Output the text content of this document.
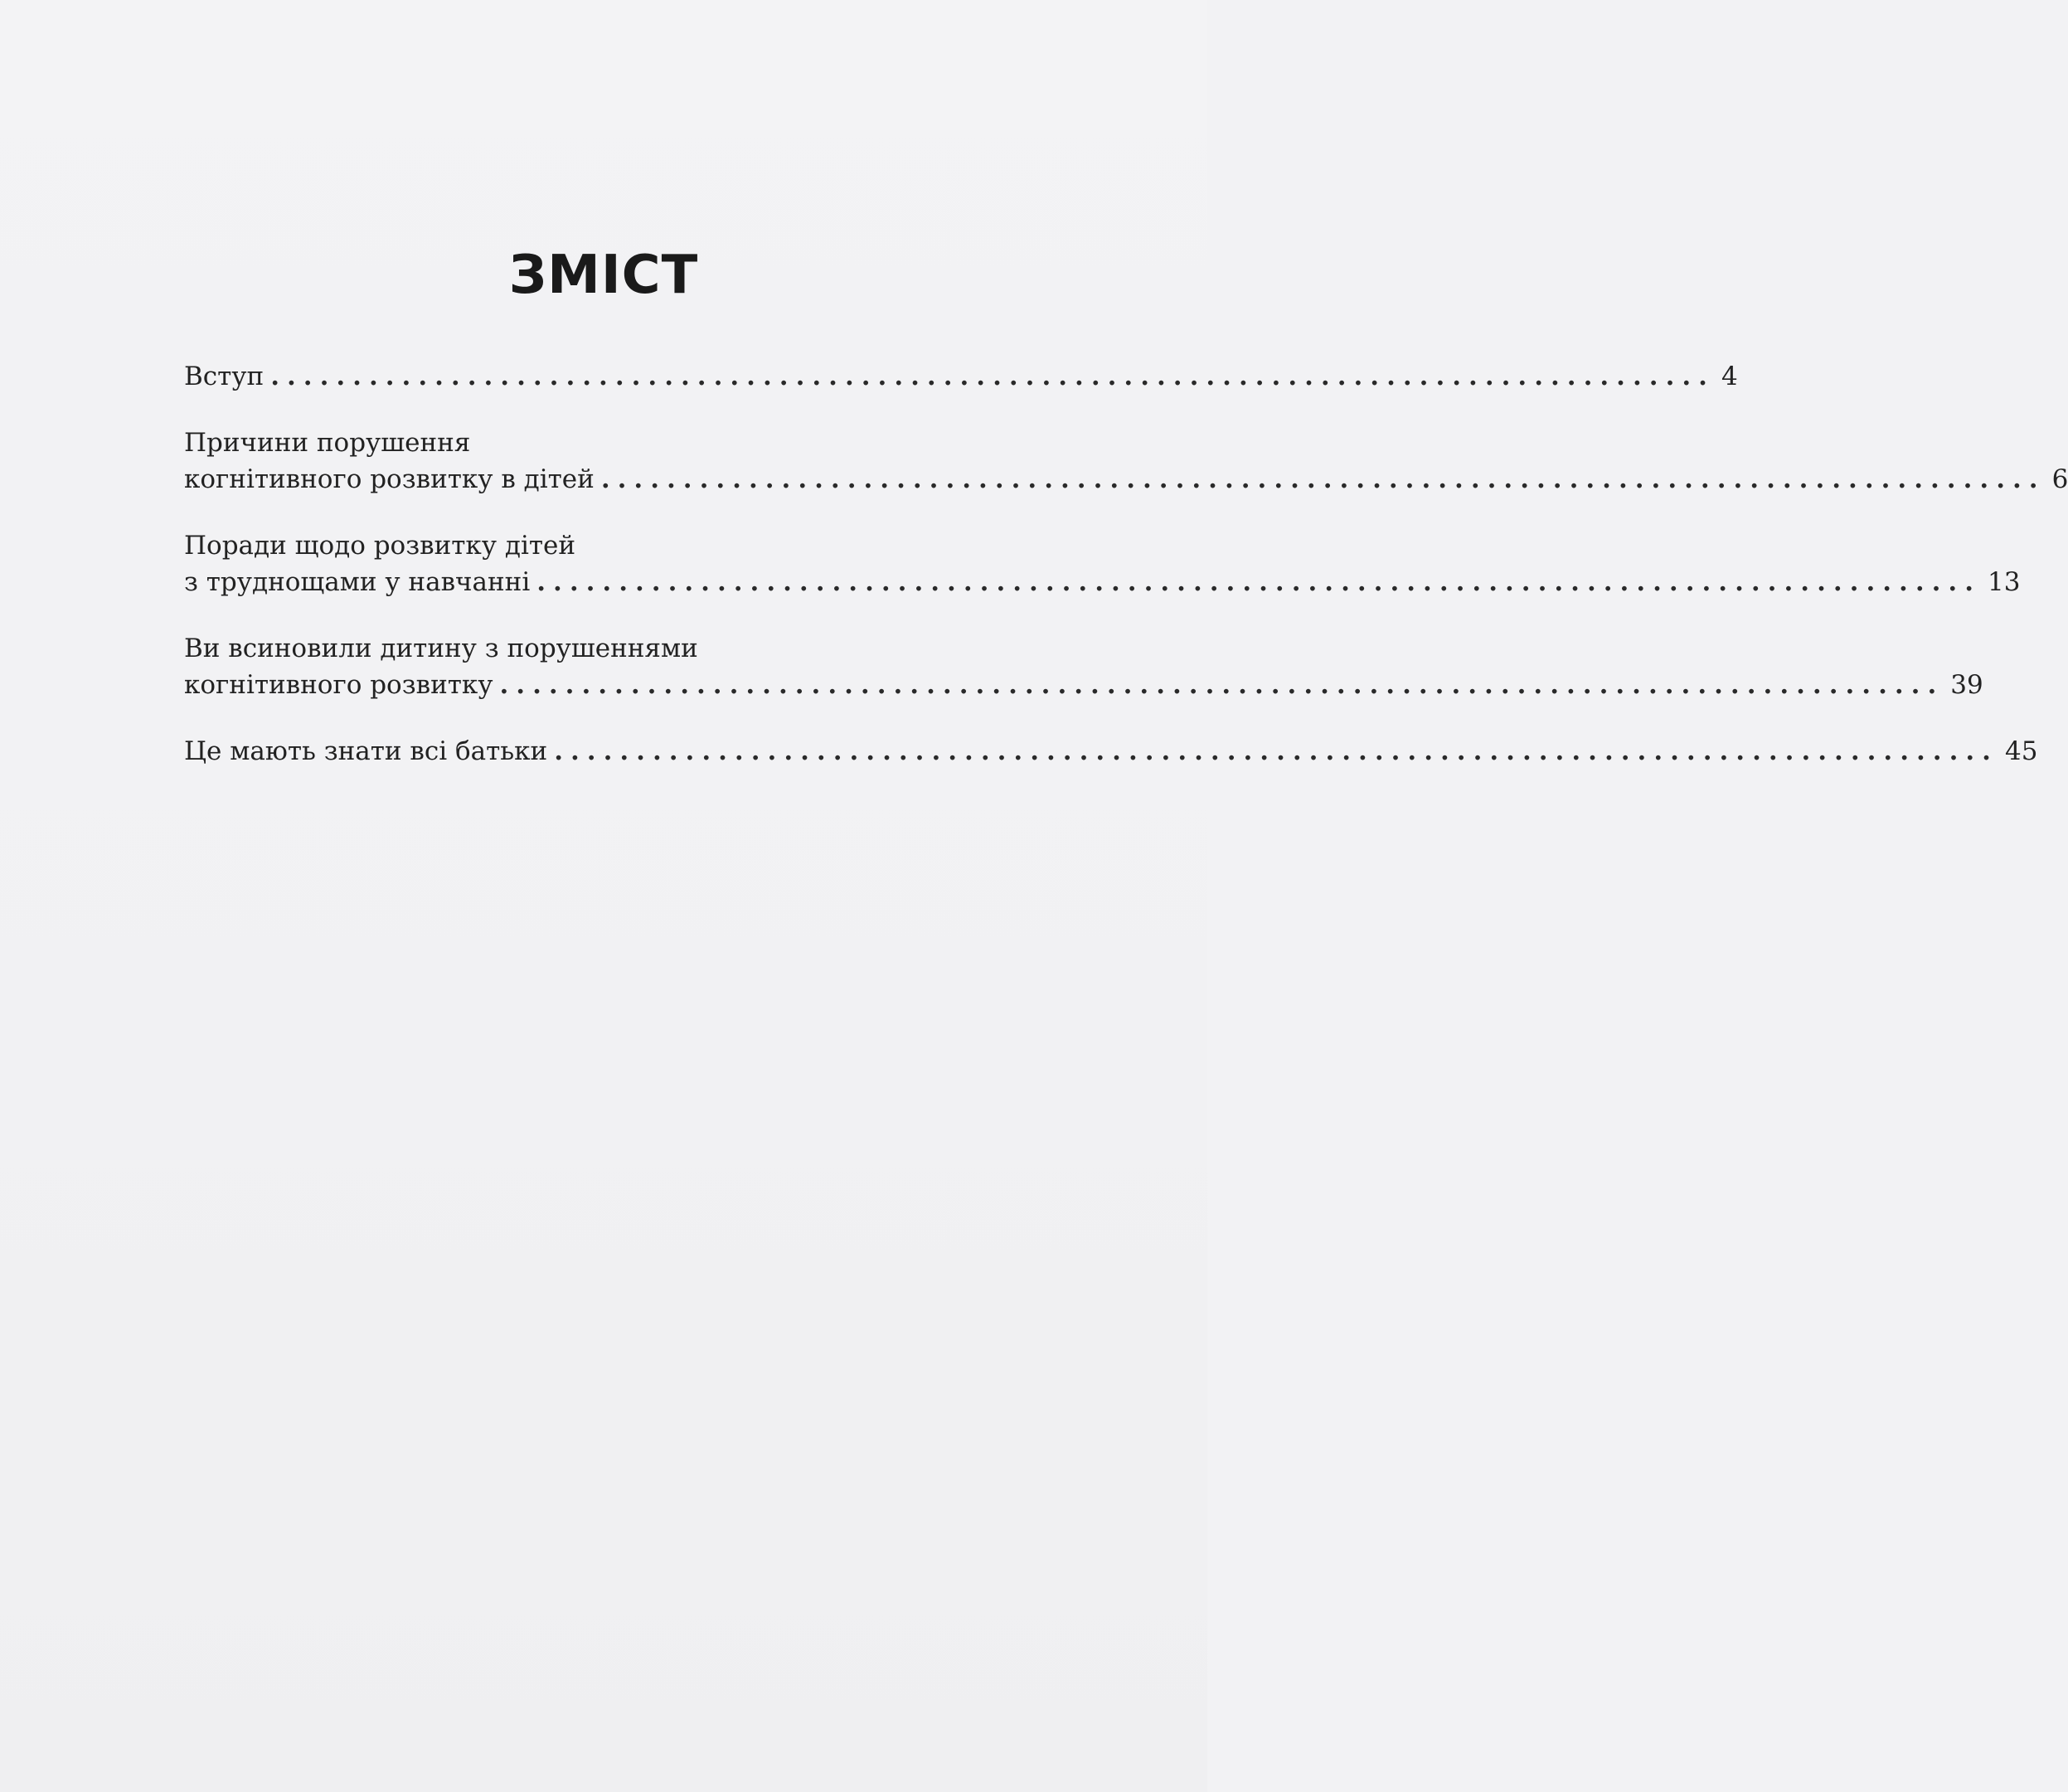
ЗМІСТ
Вступ ........................................................................................ 4
Причини порушення
когнітивного розвитку в дітей ........................................................................................ 6
Поради щодо розвитку дітей
з труднощами у навчанні ........................................................................................ 13
Ви всиновили дитину з порушеннями
когнітивного розвитку ........................................................................................ 39
Це мають знати всі батьки ........................................................................................ 45
